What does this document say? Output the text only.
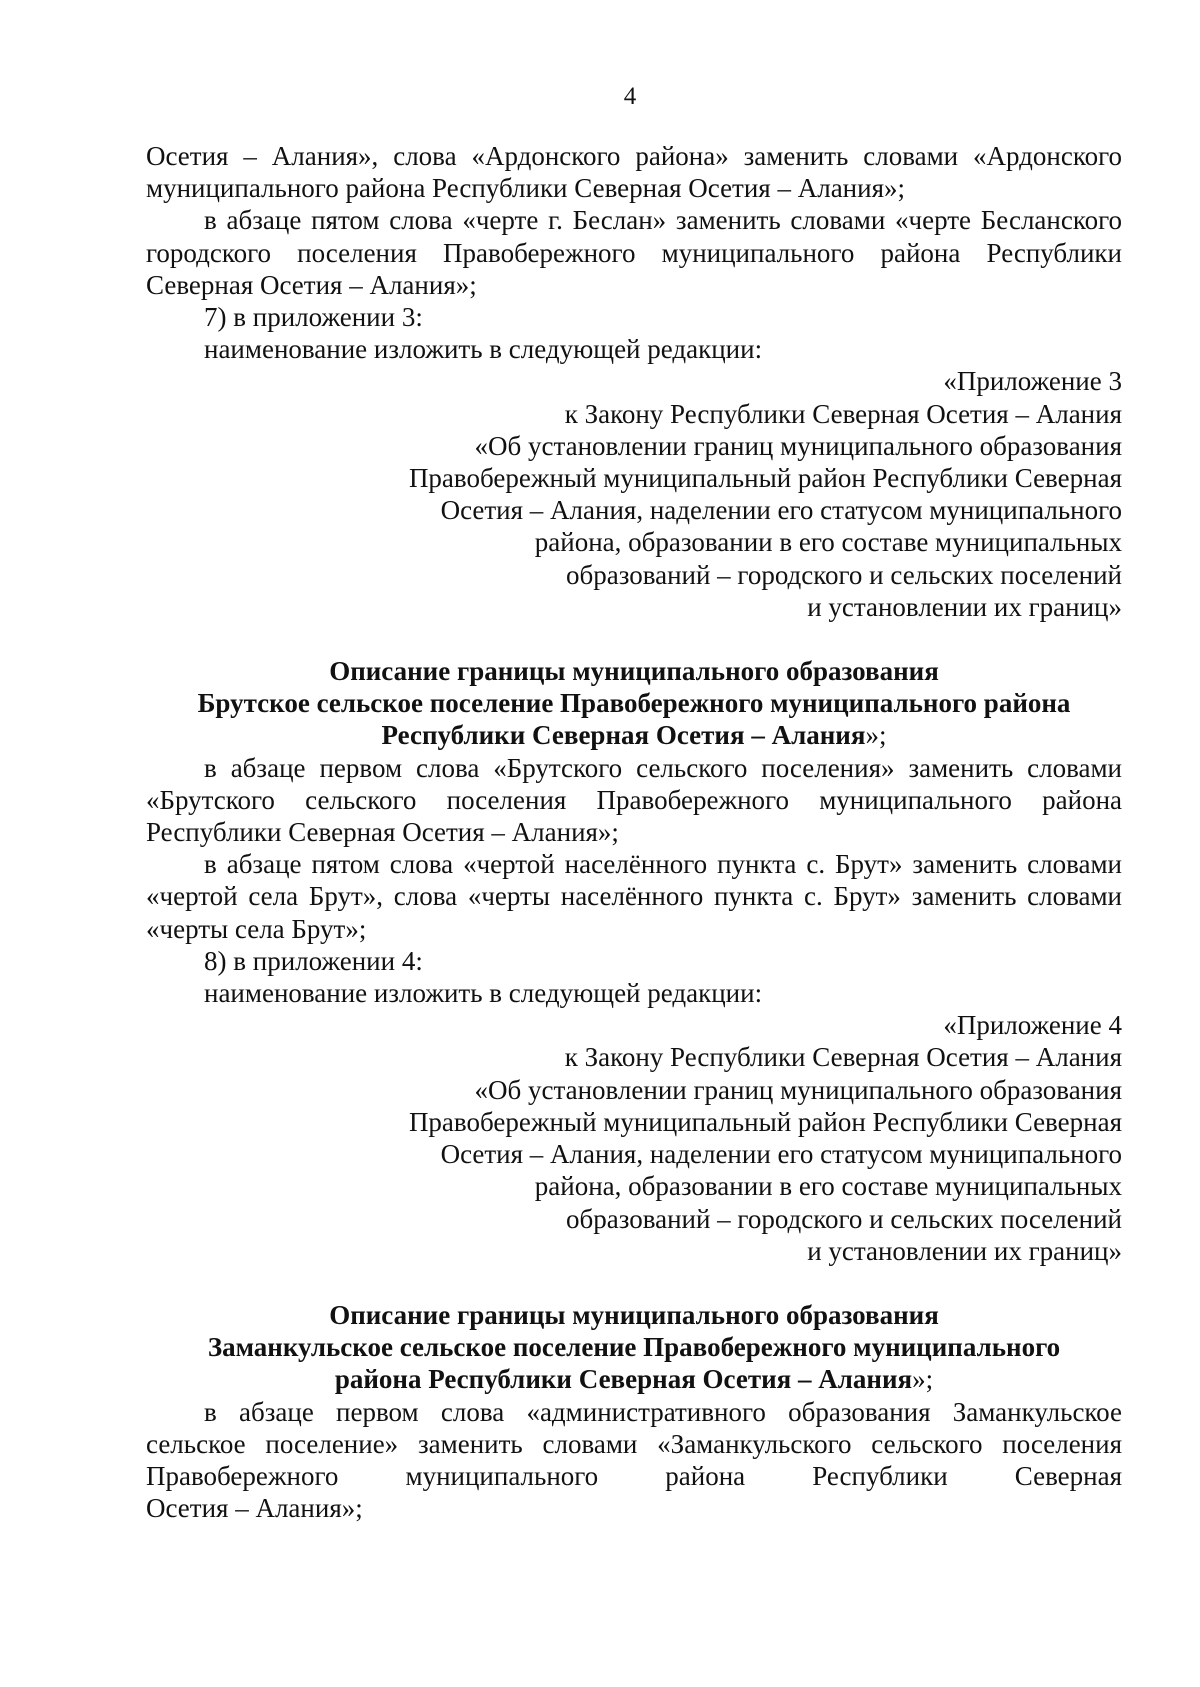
4

Осетия – Алания», слова «Ардонского района» заменить словами «Ардонского муниципального района Республики Северная Осетия – Алания»;

в абзаце пятом слова «черте г. Беслан» заменить словами «черте Бесланского городского поселения Правобережного муниципального района Республики Северная Осетия – Алания»;

7) в приложении 3:

наименование изложить в следующей редакции:

«Приложение 3
к Закону Республики Северная Осетия – Алания
«Об установлении границ муниципального образования
Правобережный муниципальный район Республики Северная
Осетия – Алания, наделении его статусом муниципального
района, образовании в его составе муниципальных
образований – городского и сельских поселений
и установлении их границ»
Описание границы муниципального образования
Брутское сельское поселение Правобережного муниципального района
Республики Северная Осетия – Алания»;

в абзаце первом слова «Брутского сельского поселения» заменить словами «Брутского сельского поселения Правобережного муниципального района Республики Северная Осетия – Алания»;

в абзаце пятом слова «чертой населённого пункта с. Брут» заменить словами «чертой села Брут», слова «черты населённого пункта с. Брут» заменить словами «черты села Брут»;

8) в приложении 4:

наименование изложить в следующей редакции:

«Приложение 4
к Закону Республики Северная Осетия – Алания
«Об установлении границ муниципального образования
Правобережный муниципальный район Республики Северная
Осетия – Алания, наделении его статусом муниципального
района, образовании в его составе муниципальных
образований – городского и сельских поселений
и установлении их границ»
Описание границы муниципального образования
Заманкульское сельское поселение Правобережного муниципального
района Республики Северная Осетия – Алания»;

в абзаце первом слова «административного образования Заманкульское сельское поселение» заменить словами «Заманкульского сельского поселения Правобережного муниципального района Республики Северная

Осетия – Алания»;
